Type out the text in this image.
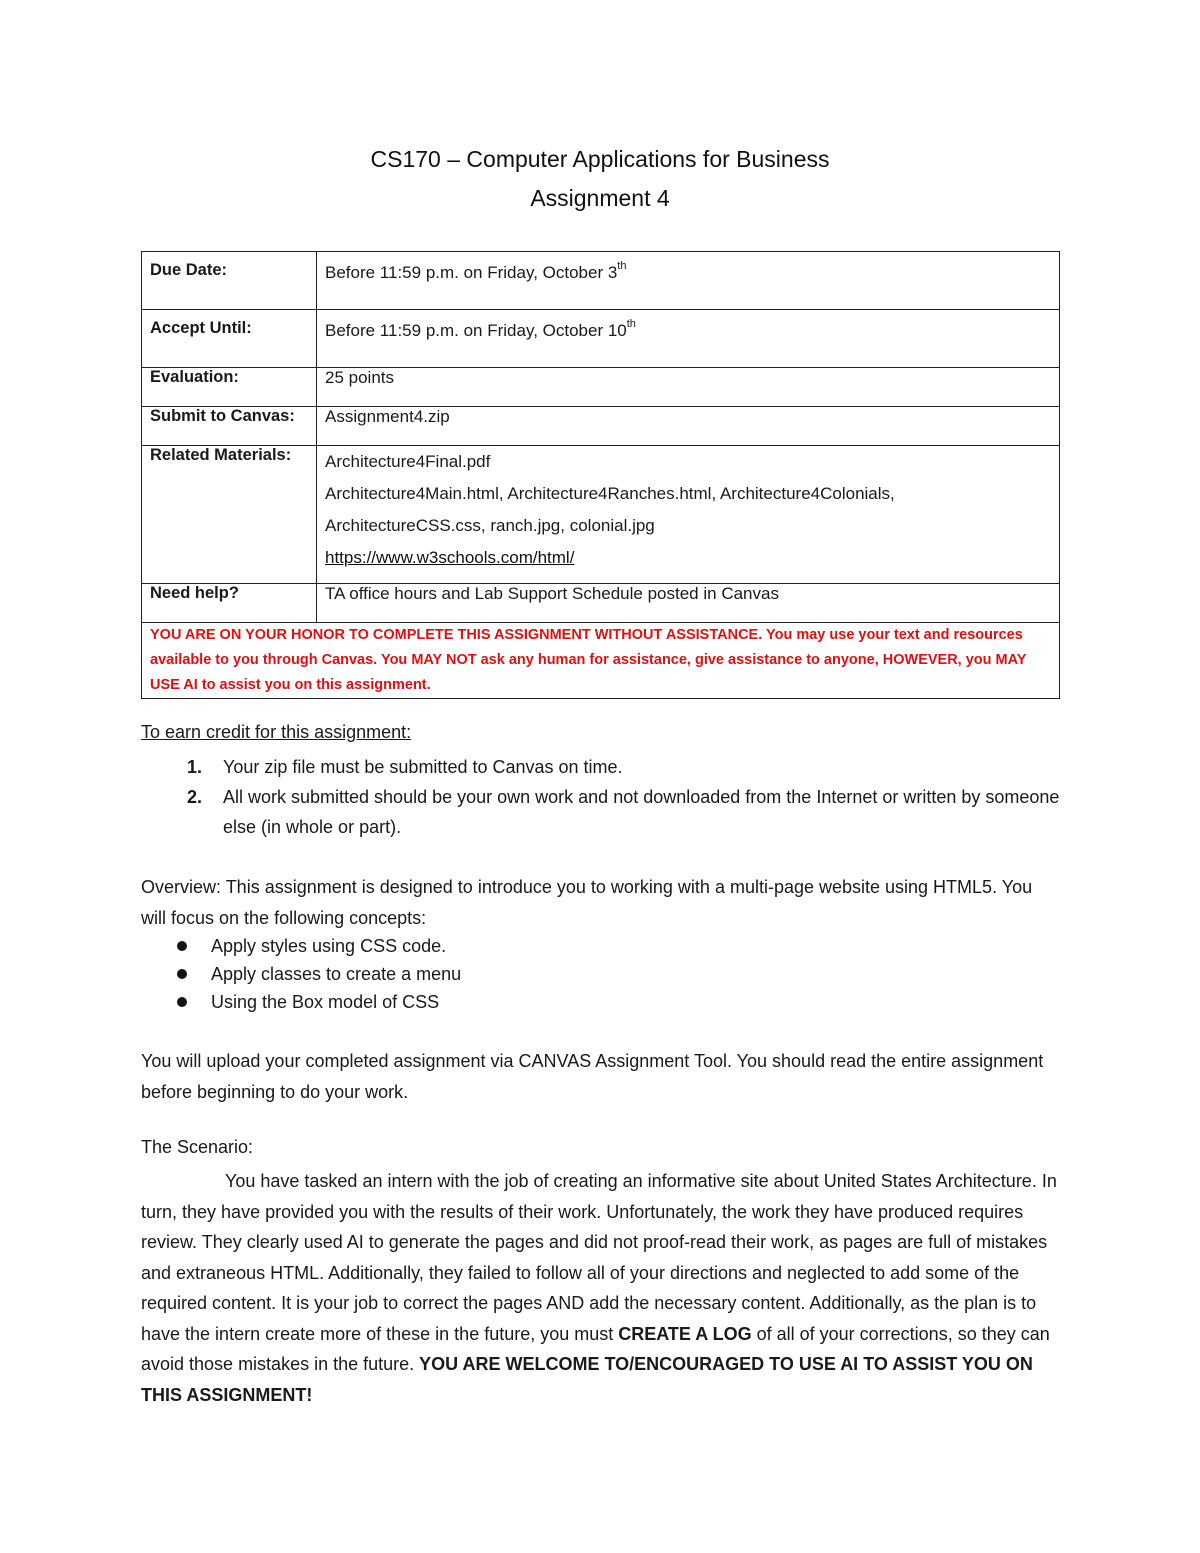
CS170 – Computer Applications for Business
Assignment 4
Due Date:	Before 11:59 p.m. on Friday, October 3th
Accept Until:	Before 11:59 p.m. on Friday, October 10th
Evaluation:	25 points
Submit to Canvas:	Assignment4.zip
Related Materials:	Architecture4Final.pdf
Architecture4Main.html, Architecture4Ranches.html, Architecture4Colonials,
ArchitectureCSS.css, ranch.jpg, colonial.jpg
https://www.w3schools.com/html/

Need help?	TA office hours and Lab Support Schedule posted in Canvas
YOU ARE ON YOUR HONOR TO COMPLETE THIS ASSIGNMENT WITHOUT ASSISTANCE. You may use your text and resources available to you through Canvas. You MAY NOT ask any human for assistance, give assistance to anyone, HOWEVER, you MAY USE AI to assist you on this assignment.	
To earn credit for this assignment:
1. Your zip file must be submitted to Canvas on time.
2. All work submitted should be your own work and not downloaded from the Internet or written by someone else (in whole or part).
Overview: This assignment is designed to introduce you to working with a multi-page website using HTML5. You will focus on the following concepts:
Apply styles using CSS code.
Apply classes to create a menu
Using the Box model of CSS
You will upload your completed assignment via CANVAS Assignment Tool. You should read the entire assignment before beginning to do your work.
The Scenario:
You have tasked an intern with the job of creating an informative site about United States Architecture. In turn, they have provided you with the results of their work. Unfortunately, the work they have produced requires review. They clearly used AI to generate the pages and did not proof-read their work, as pages are full of mistakes and extraneous HTML. Additionally, they failed to follow all of your directions and neglected to add some of the required content. It is your job to correct the pages AND add the necessary content. Additionally, as the plan is to have the intern create more of these in the future, you must CREATE A LOG of all of your corrections, so they can avoid those mistakes in the future. YOU ARE WELCOME TO/ENCOURAGED TO USE AI TO ASSIST YOU ON THIS ASSIGNMENT!
